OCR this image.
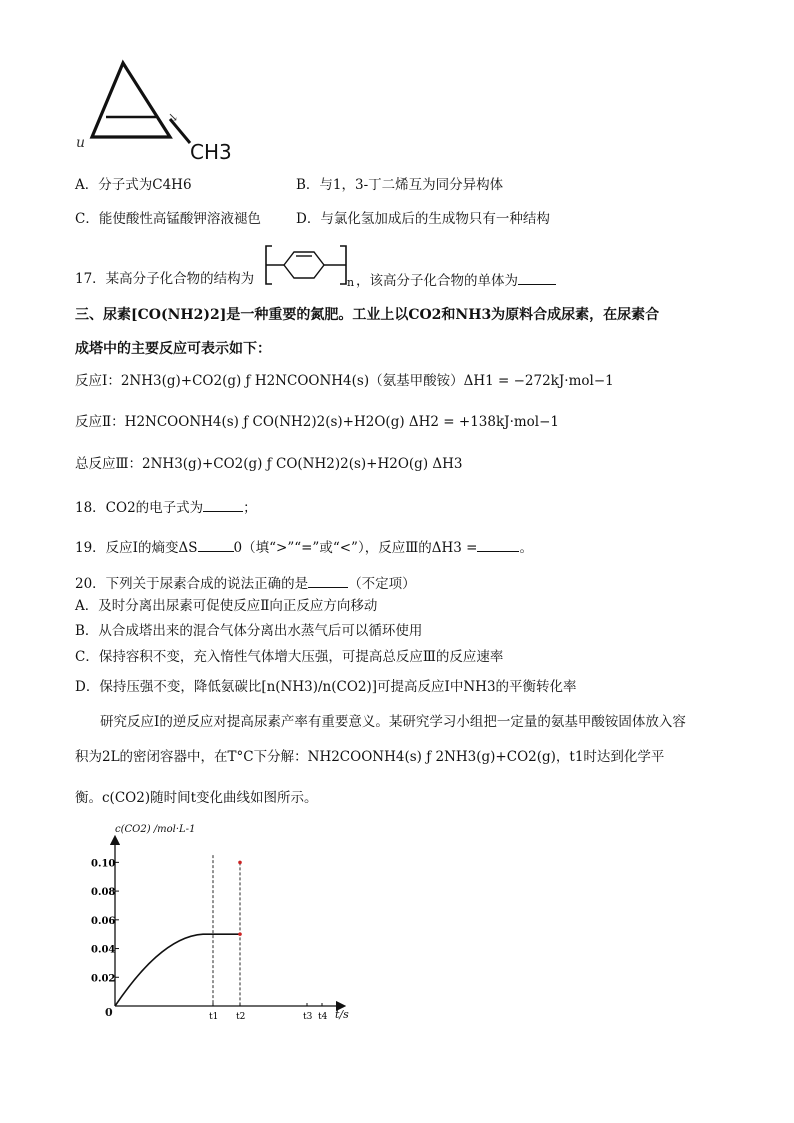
↘
CH3
u
A．分子式为C4H6	B．与1，3-丁二烯互为同分异构体
C．能使酸性高锰酸钾溶液褪色	D．与氯化氢加成后的生成物只有一种结构
17．某高分子化合物的结构为	n ，该高分子化合物的单体为
三、尿素[CO(NH2)2]是一种重要的氮肥。工业上以CO2和NH3为原料合成尿素，在尿素合
成塔中的主要反应可表示如下：
反应Ⅰ：2NH3(g)+CO2(g) ƒ H2NCOONH4(s)（氨基甲酸铵）ΔH1 = −272kJ·mol−1
反应Ⅱ：H2NCOONH4(s) ƒ CO(NH2)2(s)+H2O(g) ΔH2 = +138kJ·mol−1
总反应Ⅲ：2NH3(g)+CO2(g) ƒ CO(NH2)2(s)+H2O(g) ΔH3
18．CO2的电子式为	；
19．反应Ⅰ的熵变ΔS	0（填“>”“=”或“<”），反应Ⅲ的ΔH3 =	。
20．下列关于尿素合成的说法正确的是	（不定项）
A．及时分离出尿素可促使反应Ⅱ向正反应方向移动
B．从合成塔出来的混合气体分离出水蒸气后可以循环使用
C．保持容积不变，充入惰性气体增大压强，可提高总反应Ⅲ的反应速率
D．保持压强不变，降低氨碳比[n(NH3)/n(CO2)]可提高反应Ⅰ中NH3的平衡转化率
研究反应Ⅰ的逆反应对提高尿素产率有重要意义。某研究学习小组把一定量的氨基甲酸铵固体放入容
积为2L的密闭容器中，在T°C下分解：NH2COONH4(s) ƒ 2NH3(g)+CO2(g)，t1时达到化学平
衡。c(CO2)随时间t变化曲线如图所示。
c(CO2) /mol·L-1
t/s
0
0.10
0.08
0.06
0.04
0.02
t1 t2	t3 t4
